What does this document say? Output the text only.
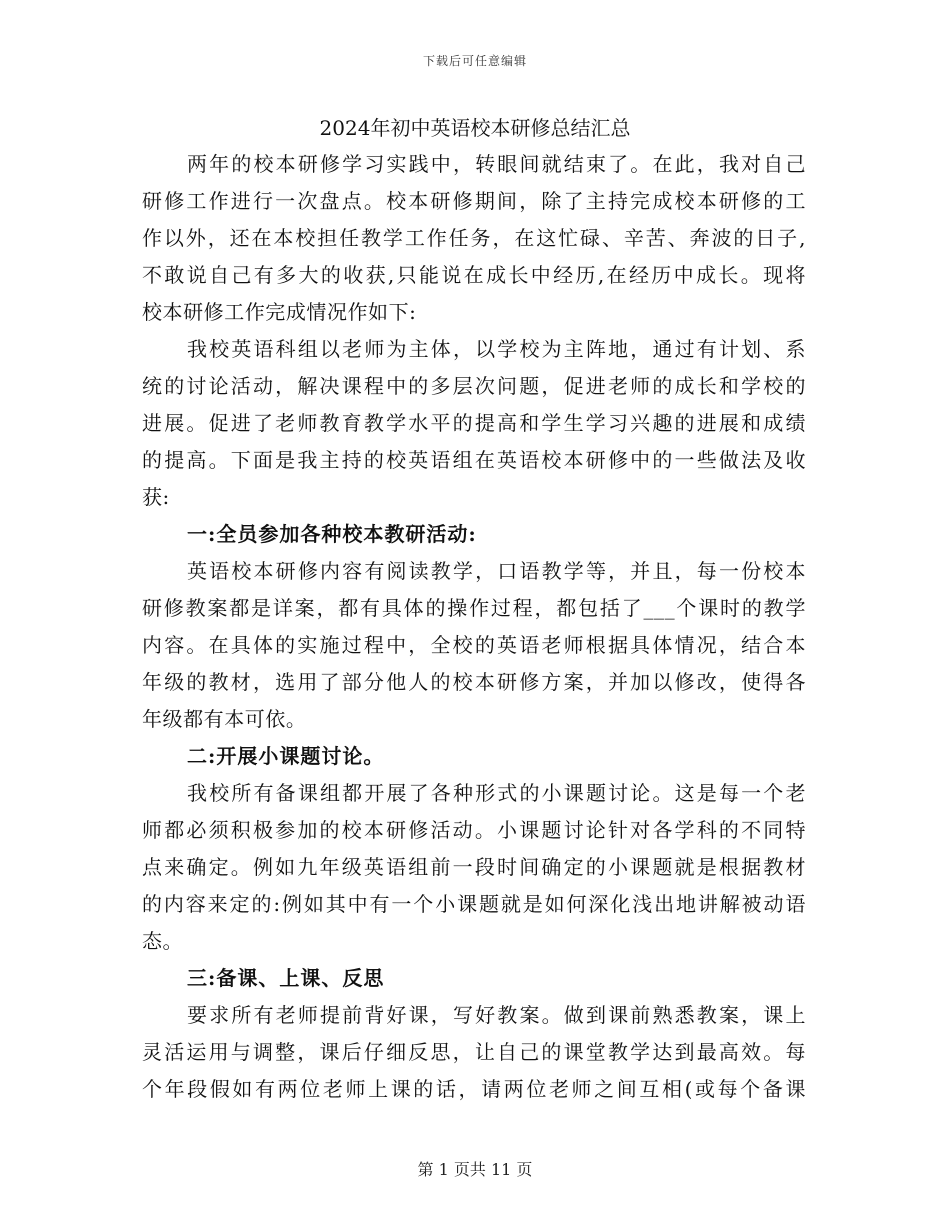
下载后可任意编辑
2024年初中英语校本研修总结汇总
两年的校本研修学习实践中，转眼间就结束了。在此，我对自己
研修工作进行一次盘点。校本研修期间，除了主持完成校本研修的工
作以外，还在本校担任教学工作任务，在这忙碌、辛苦、奔波的日子,
不敢说自己有多大的收获,只能说在成长中经历,在经历中成长。现将
校本研修工作完成情况作如下:
我校英语科组以老师为主体，以学校为主阵地，通过有计划、系
统的讨论活动，解决课程中的多层次问题，促进老师的成长和学校的
进展。促进了老师教育教学水平的提高和学生学习兴趣的进展和成绩
的提高。下面是我主持的校英语组在英语校本研修中的一些做法及收
获:
一:全员参加各种校本教研活动:
英语校本研修内容有阅读教学，口语教学等，并且，每一份校本
研修教案都是详案，都有具体的操作过程，都包括了___个课时的教学
内容。在具体的实施过程中，全校的英语老师根据具体情况，结合本
年级的教材，选用了部分他人的校本研修方案，并加以修改，使得各
年级都有本可依。
二:开展小课题讨论。
我校所有备课组都开展了各种形式的小课题讨论。这是每一个老
师都必须积极参加的校本研修活动。小课题讨论针对各学科的不同特
点来确定。例如九年级英语组前一段时间确定的小课题就是根据教材
的内容来定的:例如其中有一个小课题就是如何深化浅出地讲解被动语
态。
三:备课、上课、反思
要求所有老师提前背好课，写好教案。做到课前熟悉教案，课上
灵活运用与调整，课后仔细反思，让自己的课堂教学达到最高效。每
个年段假如有两位老师上课的话，请两位老师之间互相(或每个备课
第 1 页共 11 页
